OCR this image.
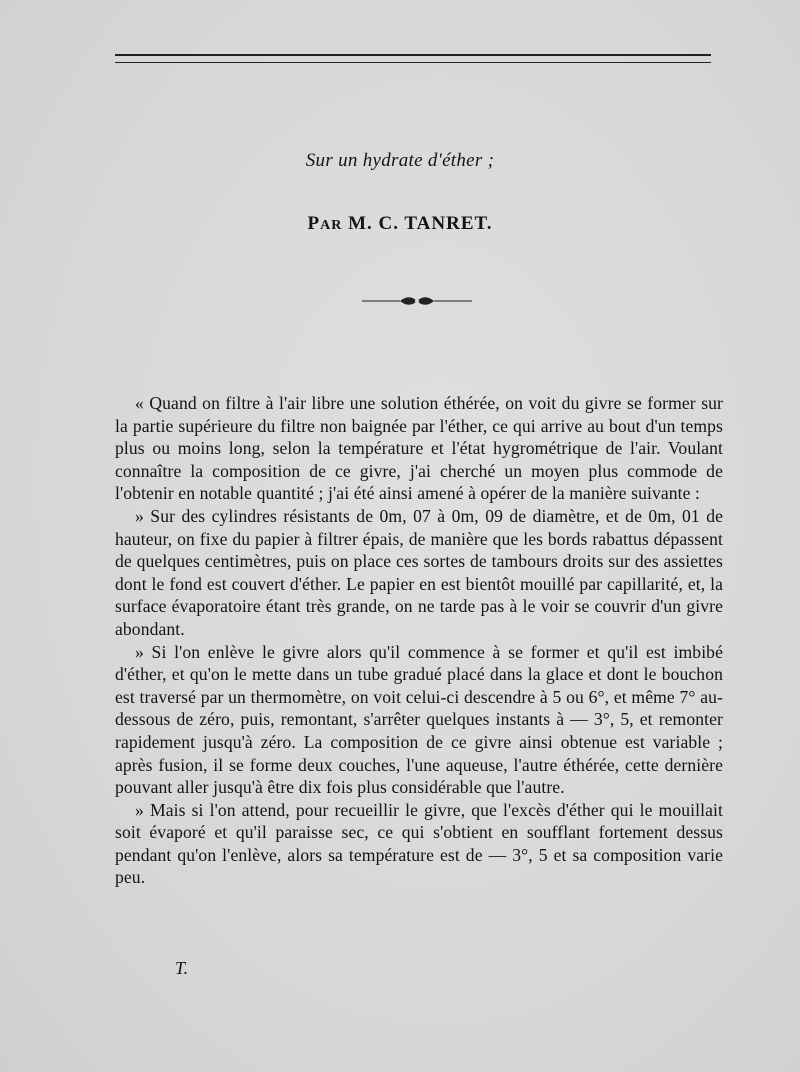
Sur un hydrate d'éther ;
PAR M. C. TANRET.

« Quand on filtre à l'air libre une solution éthérée, on voit du givre se former sur la partie supérieure du filtre non baignée par l'éther, ce qui arrive au bout d'un temps plus ou moins long, selon la température et l'état hygrométrique de l'air. Voulant connaître la composition de ce givre, j'ai cherché un moyen plus commode de l'obtenir en notable quantité ; j'ai été ainsi amené à opérer de la manière suivante :

» Sur des cylindres résistants de 0m, 07 à 0m, 09 de diamètre, et de 0m, 01 de hauteur, on fixe du papier à filtrer épais, de manière que les bords rabattus dépassent de quelques centimètres, puis on place ces sortes de tambours droits sur des assiettes dont le fond est couvert d'éther. Le papier en est bientôt mouillé par capillarité, et, la surface évaporatoire étant très grande, on ne tarde pas à le voir se couvrir d'un givre abondant.

» Si l'on enlève le givre alors qu'il commence à se former et qu'il est imbibé d'éther, et qu'on le mette dans un tube gradué placé dans la glace et dont le bouchon est traversé par un thermomètre, on voit celui-ci descendre à 5 ou 6°, et même 7° au-dessous de zéro, puis, remontant, s'arrêter quelques instants à — 3°, 5, et remonter rapidement jusqu'à zéro. La composition de ce givre ainsi obtenue est variable ; après fusion, il se forme deux couches, l'une aqueuse, l'autre éthérée, cette dernière pouvant aller jusqu'à être dix fois plus considérable que l'autre.

» Mais si l'on attend, pour recueillir le givre, que l'excès d'éther qui le mouillait soit évaporé et qu'il paraisse sec, ce qui s'obtient en soufflant fortement dessus pendant qu'on l'enlève, alors sa température est de — 3°, 5 et sa composition varie peu.

T.
